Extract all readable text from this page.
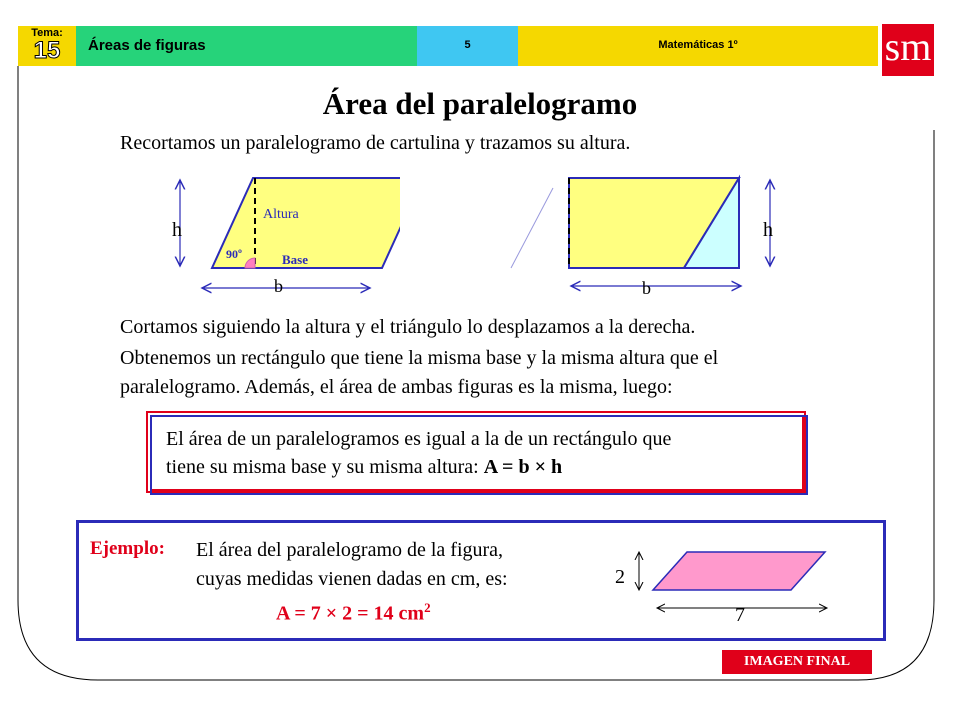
Tema:
15	Áreas de figuras	5	Matemáticas 1º	sm
Área del paralelogramo
Recortamos un paralelogramo de cartulina y trazamos su altura.
h
b
Altura
Base
90º
h
b
Cortamos siguiendo la altura y el triángulo lo desplazamos a la derecha.
Obtenemos un rectángulo que tiene la misma base y la misma altura que el
paralelogramo. Además, el área de ambas figuras es la misma, luego:
El área de un paralelogramos es igual a la de un rectángulo que
tiene su misma base y su misma altura: A = b × h
Ejemplo: El área del paralelogramo de la figura,
cuyas medidas vienen dadas en cm, es:
A = 7 × 2 = 14 $cm^2$
2
7
IMAGEN FINAL
